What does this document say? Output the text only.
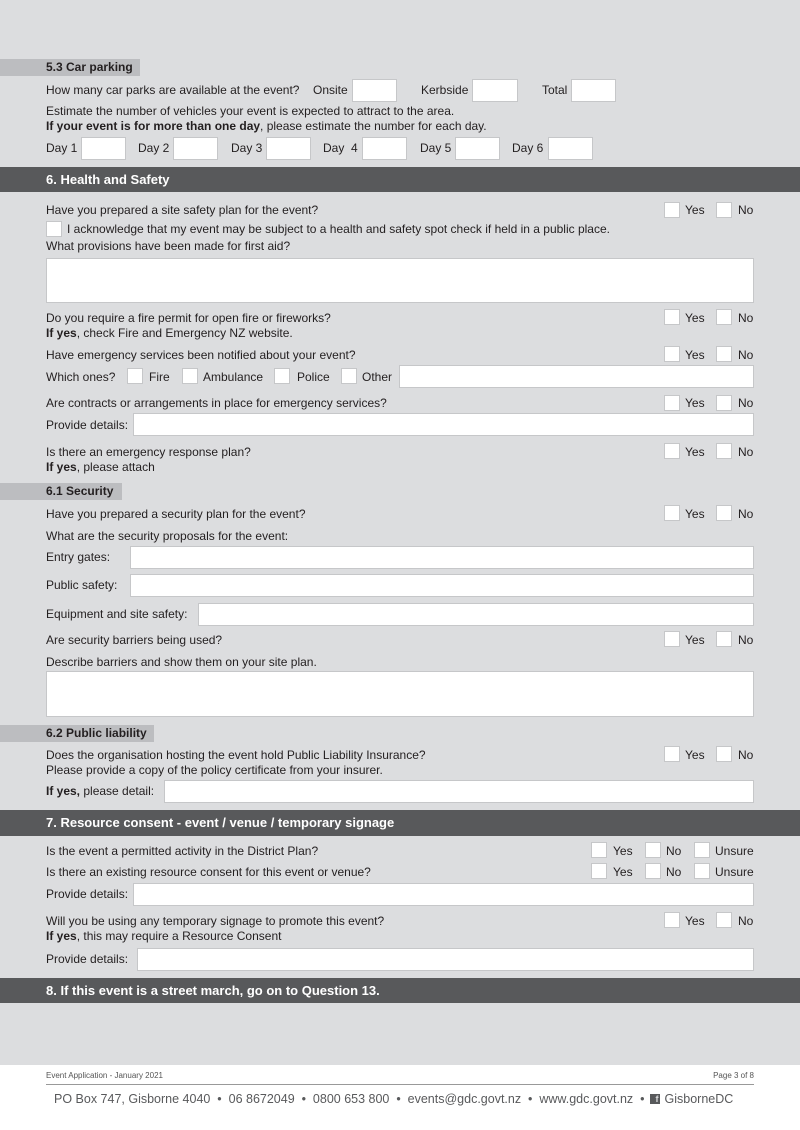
5.3 Car parking
How many car parks are available at the event? Onsite	Kerbside	Total
Estimate the number of vehicles your event is expected to attract to the area.
If your event is for more than one day, please estimate the number for each day.
Day 1	Day 2	Day 3	Day  4	Day 5	Day 6
6. Health and Safety
Have you prepared a site safety plan for the event?	Yes	No
I acknowledge that my event may be subject to a health and safety spot check if held in a public place.
What provisions have been made for first aid?
Do you require a fire permit for open fire or fireworks?
If yes, check Fire and Emergency NZ website.
Yes	No
Have emergency services been notified about your event?	Yes	No
Which ones?	Fire	Ambulance	Police	Other
Are contracts or arrangements in place for emergency services?	Yes	No
Provide details:
Is there an emergency response plan?
If yes, please attach
Yes	No
6.1 Security
Have you prepared a security plan for the event?	Yes	No
What are the security proposals for the event:
Entry gates:
Public safety:
Equipment and site safety:
Are security barriers being used?	Yes	No
Describe barriers and show them on your site plan.
6.2 Public liability
Does the organisation hosting the event hold Public Liability Insurance?
Please provide a copy of the policy certificate from your insurer.
Yes	No
If yes, please detail:
7. Resource consent - event / venue / temporary signage
Is the event a permitted activity in the District Plan?	Yes	No	Unsure
Is there an existing resource consent for this event or venue?	Yes	No	Unsure
Provide details:
Will you be using any temporary signage to promote this event?
If yes, this may require a Resource Consent
Yes	No
Provide details:
8. If this event is a street march, go on to Question 13.
Event Application - January 2021	Page 3 of 8
PO Box 747, Gisborne 4040  •  06 8672049  •  0800 653 800  •  events@gdc.govt.nz  •  www.gdc.govt.nz  •	f GisborneDC
